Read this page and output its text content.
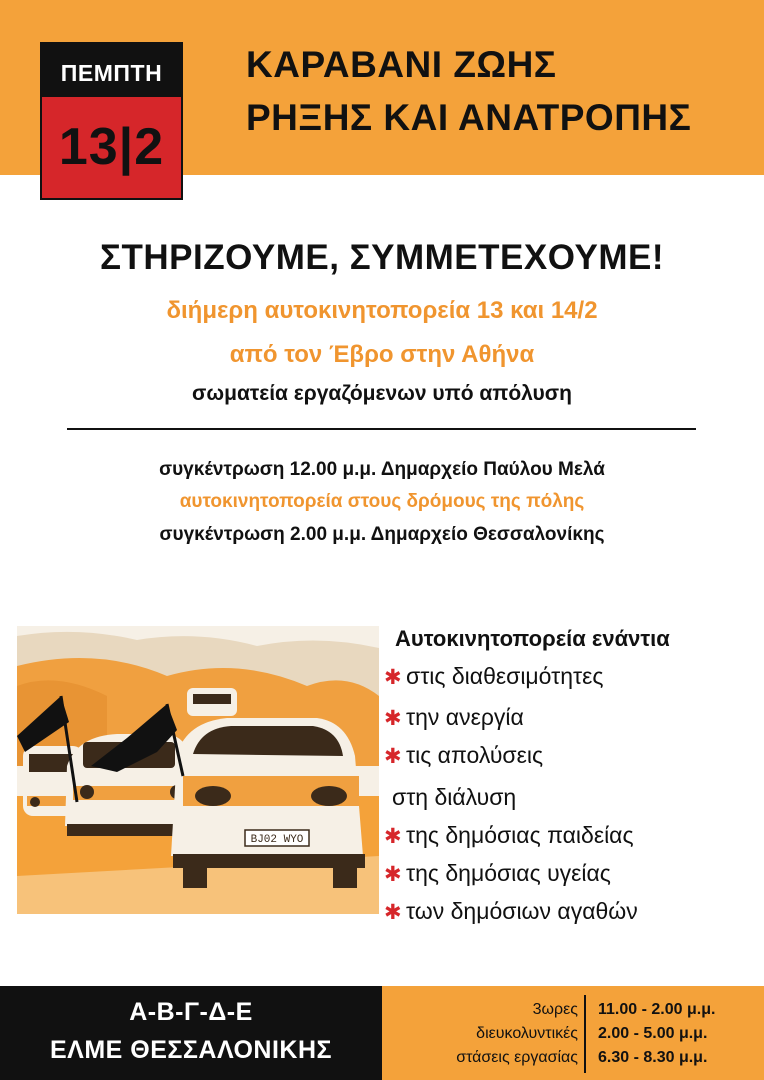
ΠΕΜΠΤΗ
13|2
ΚΑΡΑΒΑΝΙ ΖΩΗΣ
ΡΗΞΗΣ ΚΑΙ ΑΝΑΤΡΟΠΗΣ
ΣΤΗΡΙΖΟΥΜΕ, ΣΥΜΜΕΤΕΧΟΥΜΕ!
διήμερη αυτοκινητοπορεία 13 και 14/2
από τον Έβρο στην Αθήνα
σωματεία εργαζόμενων υπό απόλυση
συγκέντρωση 12.00 μ.μ. Δημαρχείο Παύλου Μελά
αυτοκινητοπορεία στους δρόμους της πόλης
συγκέντρωση 2.00 μ.μ. Δημαρχείο Θεσσαλονίκης
BJ02 WYO
Αυτοκινητοπορεία ενάντια
✱ στις διαθεσιμότητες
✱ την ανεργία
✱ τις απολύσεις
στη διάλυση
✱ της δημόσιας παιδείας
✱ της δημόσιας υγείας
✱ των δημόσιων αγαθών
Α-Β-Γ-Δ-Ε
ΕΛΜΕ ΘΕΣΣΑΛΟΝΙΚΗΣ
3ωρες
διευκολυντικές
στάσεις εργασίας
11.00 - 2.00 μ.μ.
2.00 - 5.00 μ.μ.
6.30 - 8.30 μ.μ.
